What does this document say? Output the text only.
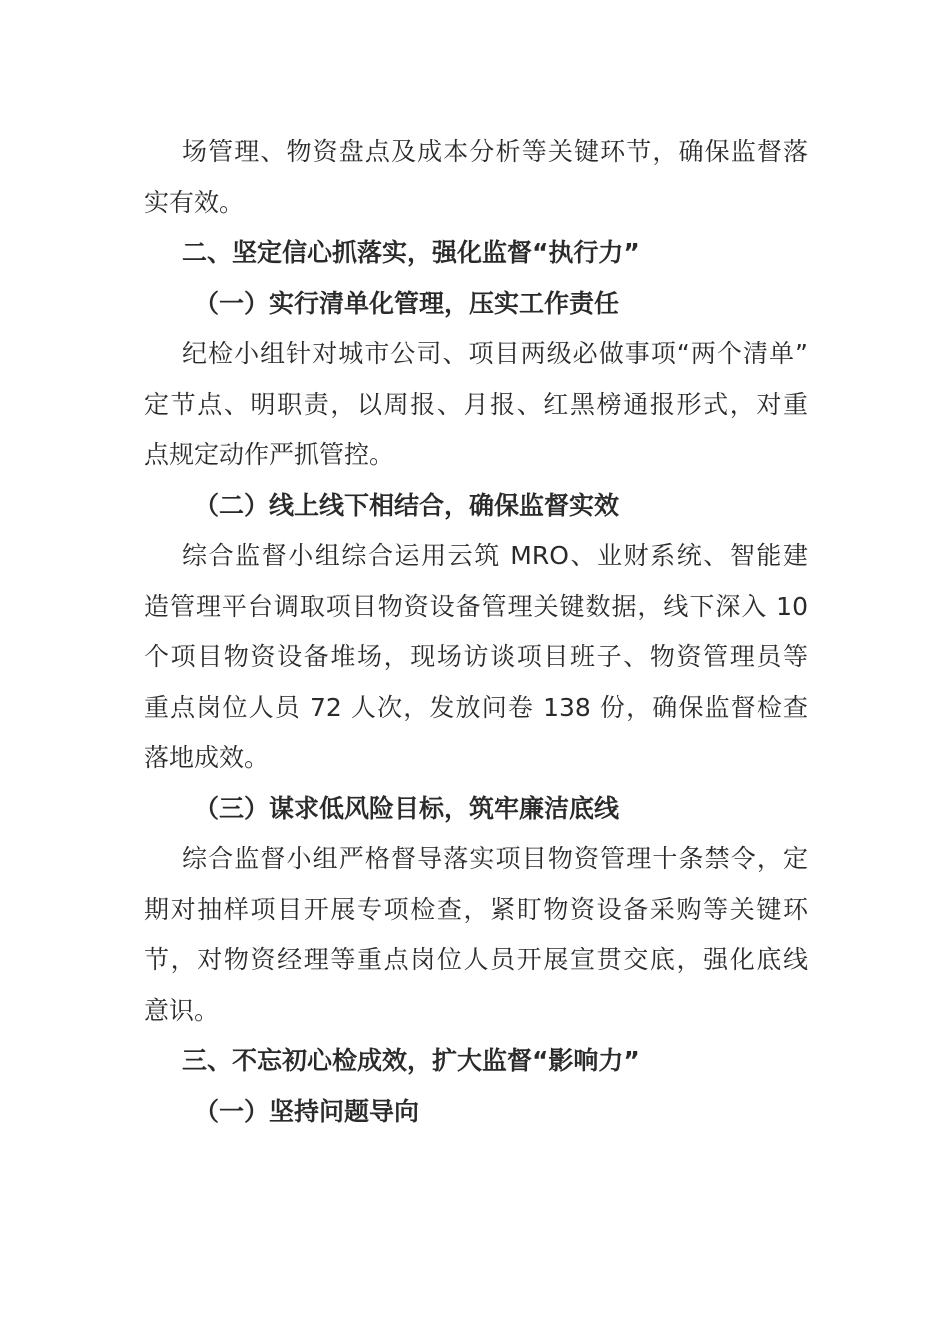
场管理、物资盘点及成本分析等关键环节，确保监督落
实有效。
二、坚定信心抓落实，强化监督“执行力”
（一）实行清单化管理，压实工作责任
纪检小组针对城市公司、项目两级必做事项“两个清单”
定节点、明职责，以周报、月报、红黑榜通报形式，对重
点规定动作严抓管控。
（二）线上线下相结合，确保监督实效
综合监督小组综合运用云筑 MRO、业财系统、智能建
造管理平台调取项目物资设备管理关键数据，线下深入 10
个项目物资设备堆场，现场访谈项目班子、物资管理员等
重点岗位人员 72 人次，发放问卷 138 份，确保监督检查
落地成效。
（三）谋求低风险目标，筑牢廉洁底线
综合监督小组严格督导落实项目物资管理十条禁令，定
期对抽样项目开展专项检查，紧盯物资设备采购等关键环
节，对物资经理等重点岗位人员开展宣贯交底，强化底线
意识。
三、不忘初心检成效，扩大监督“影响力”
（一）坚持问题导向
